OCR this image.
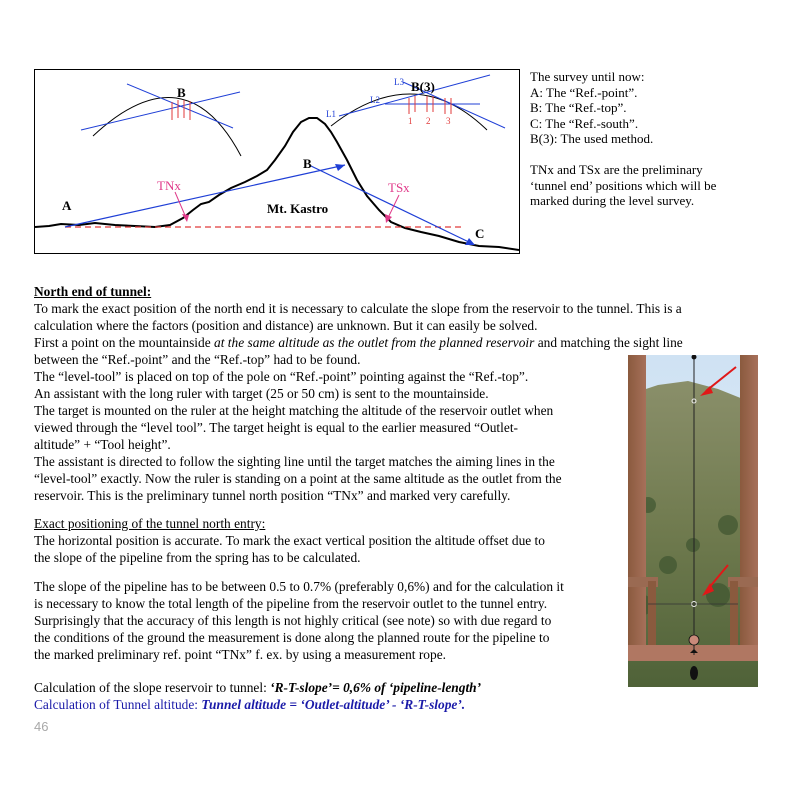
B	B(3)
L1
L2
L3
1 2 3
A
B
C
TNx	TSx
Mt. Kastro

The survey until now:

A: The “Ref.-point”.

B: The “Ref.-top”.

C: The “Ref.-south”.

B(3): The used method.

TNx and TSx are the preliminary

‘tunnel end’ positions which will be

marked during the level survey.

North end of tunnel:
To mark the exact position of the north end it is necessary to calculate the slope from the reservoir to the tunnel. This is a
calculation where the factors (position and distance) are unknown. But it can easily be solved.
First a point on the mountainside at the same altitude as the outlet from the planned reservoir and matching the sight line
between the “Ref.-point” and the “Ref.-top” had to be found.
The “level-tool” is placed on top of the pole on “Ref.-point” pointing against the “Ref.-top”.
An assistant with the long ruler with target (25 or 50 cm) is sent to the mountainside.
The target is mounted on the ruler at the height matching the altitude of the reservoir outlet when
viewed through the “level tool”. The target height is equal to the earlier measured “Outlet-
altitude” + “Tool height”.
The assistant is directed to follow the sighting line until the target matches the aiming lines in the
“level-tool” exactly. Now the ruler is standing on a point at the same altitude as the outlet from the
reservoir. This is the preliminary tunnel north position “TNx” and marked very carefully.
Exact positioning of the tunnel north entry:
The horizontal position is accurate. To mark the exact vertical position the altitude offset due to
the slope of the pipeline from the spring has to be calculated.
The slope of the pipeline has to be between 0.5 to 0.7% (preferably 0,6%) and for the calculation it
is necessary to know the total length of the pipeline from the reservoir outlet to the tunnel entry.
Surprisingly that the accuracy of this length is not highly critical (see note) so with due regard to
the conditions of the ground the measurement is done along the planned route for the pipeline to
the marked preliminary ref. point “TNx” f. ex. by using a measurement rope.
Calculation of the slope reservoir to tunnel: ‘R-T-slope’= 0,6% of ‘pipeline-length’
Calculation of Tunnel altitude: Tunnel altitude = ‘Outlet-altitude’ - ‘R-T-slope’.
46
